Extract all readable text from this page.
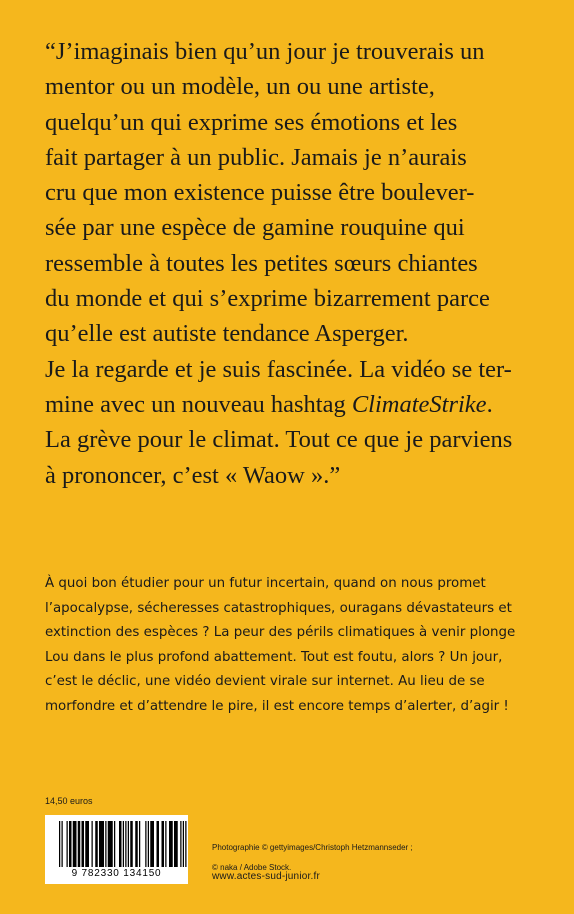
“J’imaginais bien qu’un jour je trouverais un
mentor ou un modèle, un ou une artiste,
quelqu’un qui exprime ses émotions et les
fait partager à un public. Jamais je n’aurais
cru que mon existence puisse être boulever-
sée par une espèce de gamine rouquine qui
ressemble à toutes les petites sœurs chiantes
du monde et qui s’exprime bizarrement parce
qu’elle est autiste tendance Asperger.
Je la regarde et je suis fascinée. La vidéo se ter-
mine avec un nouveau hashtag ClimateStrike.
La grève pour le climat. Tout ce que je parviens
à prononcer, c’est « Waow ».”
À quoi bon étudier pour un futur incertain, quand on nous promet
l’apocalypse, sécheresses catastrophiques, ouragans dévastateurs et
extinction des espèces ? La peur des périls climatiques à venir plonge
Lou dans le plus profond abattement. Tout est foutu, alors ? Un jour,
c’est le déclic, une vidéo devient virale sur internet. Au lieu de se
morfondre et d’attendre le pire, il est encore temps d’alerter, d’agir !
14,50 euros
9 782330 134150
Photographie © gettyimages/Christoph Hetzmannseder ;
© naka / Adobe Stock.
www.actes-sud-junior.fr
